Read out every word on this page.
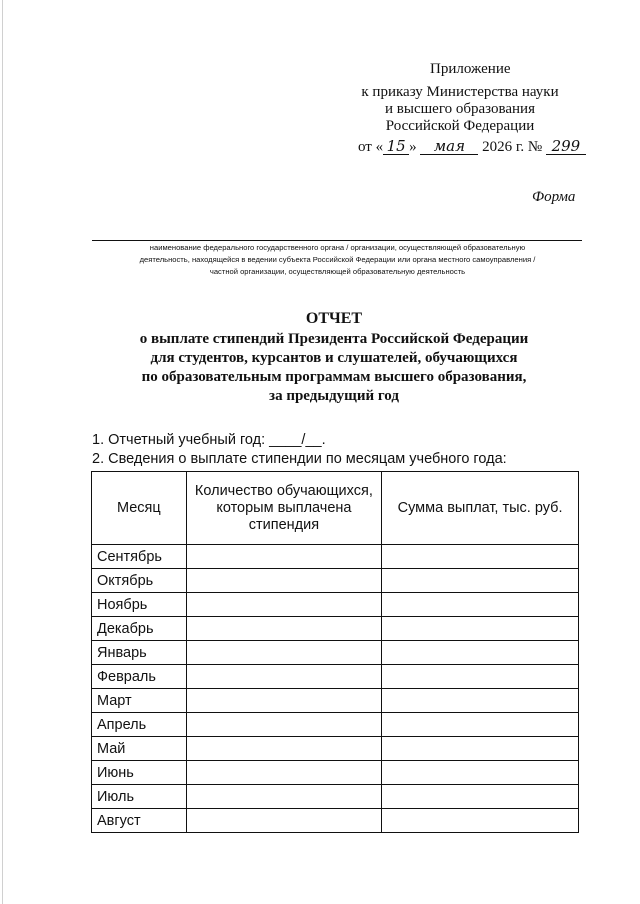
Приложение
к приказу Министерства науки
и высшего образования
Российской Федерации
от « 15 » мая 2026 г. № 299
Форма
наименование федерального государственного органа / организации, осуществляющей образовательную
деятельность, находящейся в ведении субъекта Российской Федерации или органа местного самоуправления /
частной организации, осуществляющей образовательную деятельность
ОТЧЕТ
о выплате стипендий Президента Российской Федерации
для студентов, курсантов и слушателей, обучающихся
по образовательным программам высшего образования,
за предыдущий год
1. Отчетный учебный год: ____/__.
2. Сведения о выплате стипендии по месяцам учебного года:
Месяц	Количество обучающихся,
которым выплачена
стипендия	Сумма выплат, тыс. руб.
Сентябрь		
Октябрь		
Ноябрь		
Декабрь		
Январь		
Февраль		
Март		
Апрель		
Май		
Июнь		
Июль		
Август		
